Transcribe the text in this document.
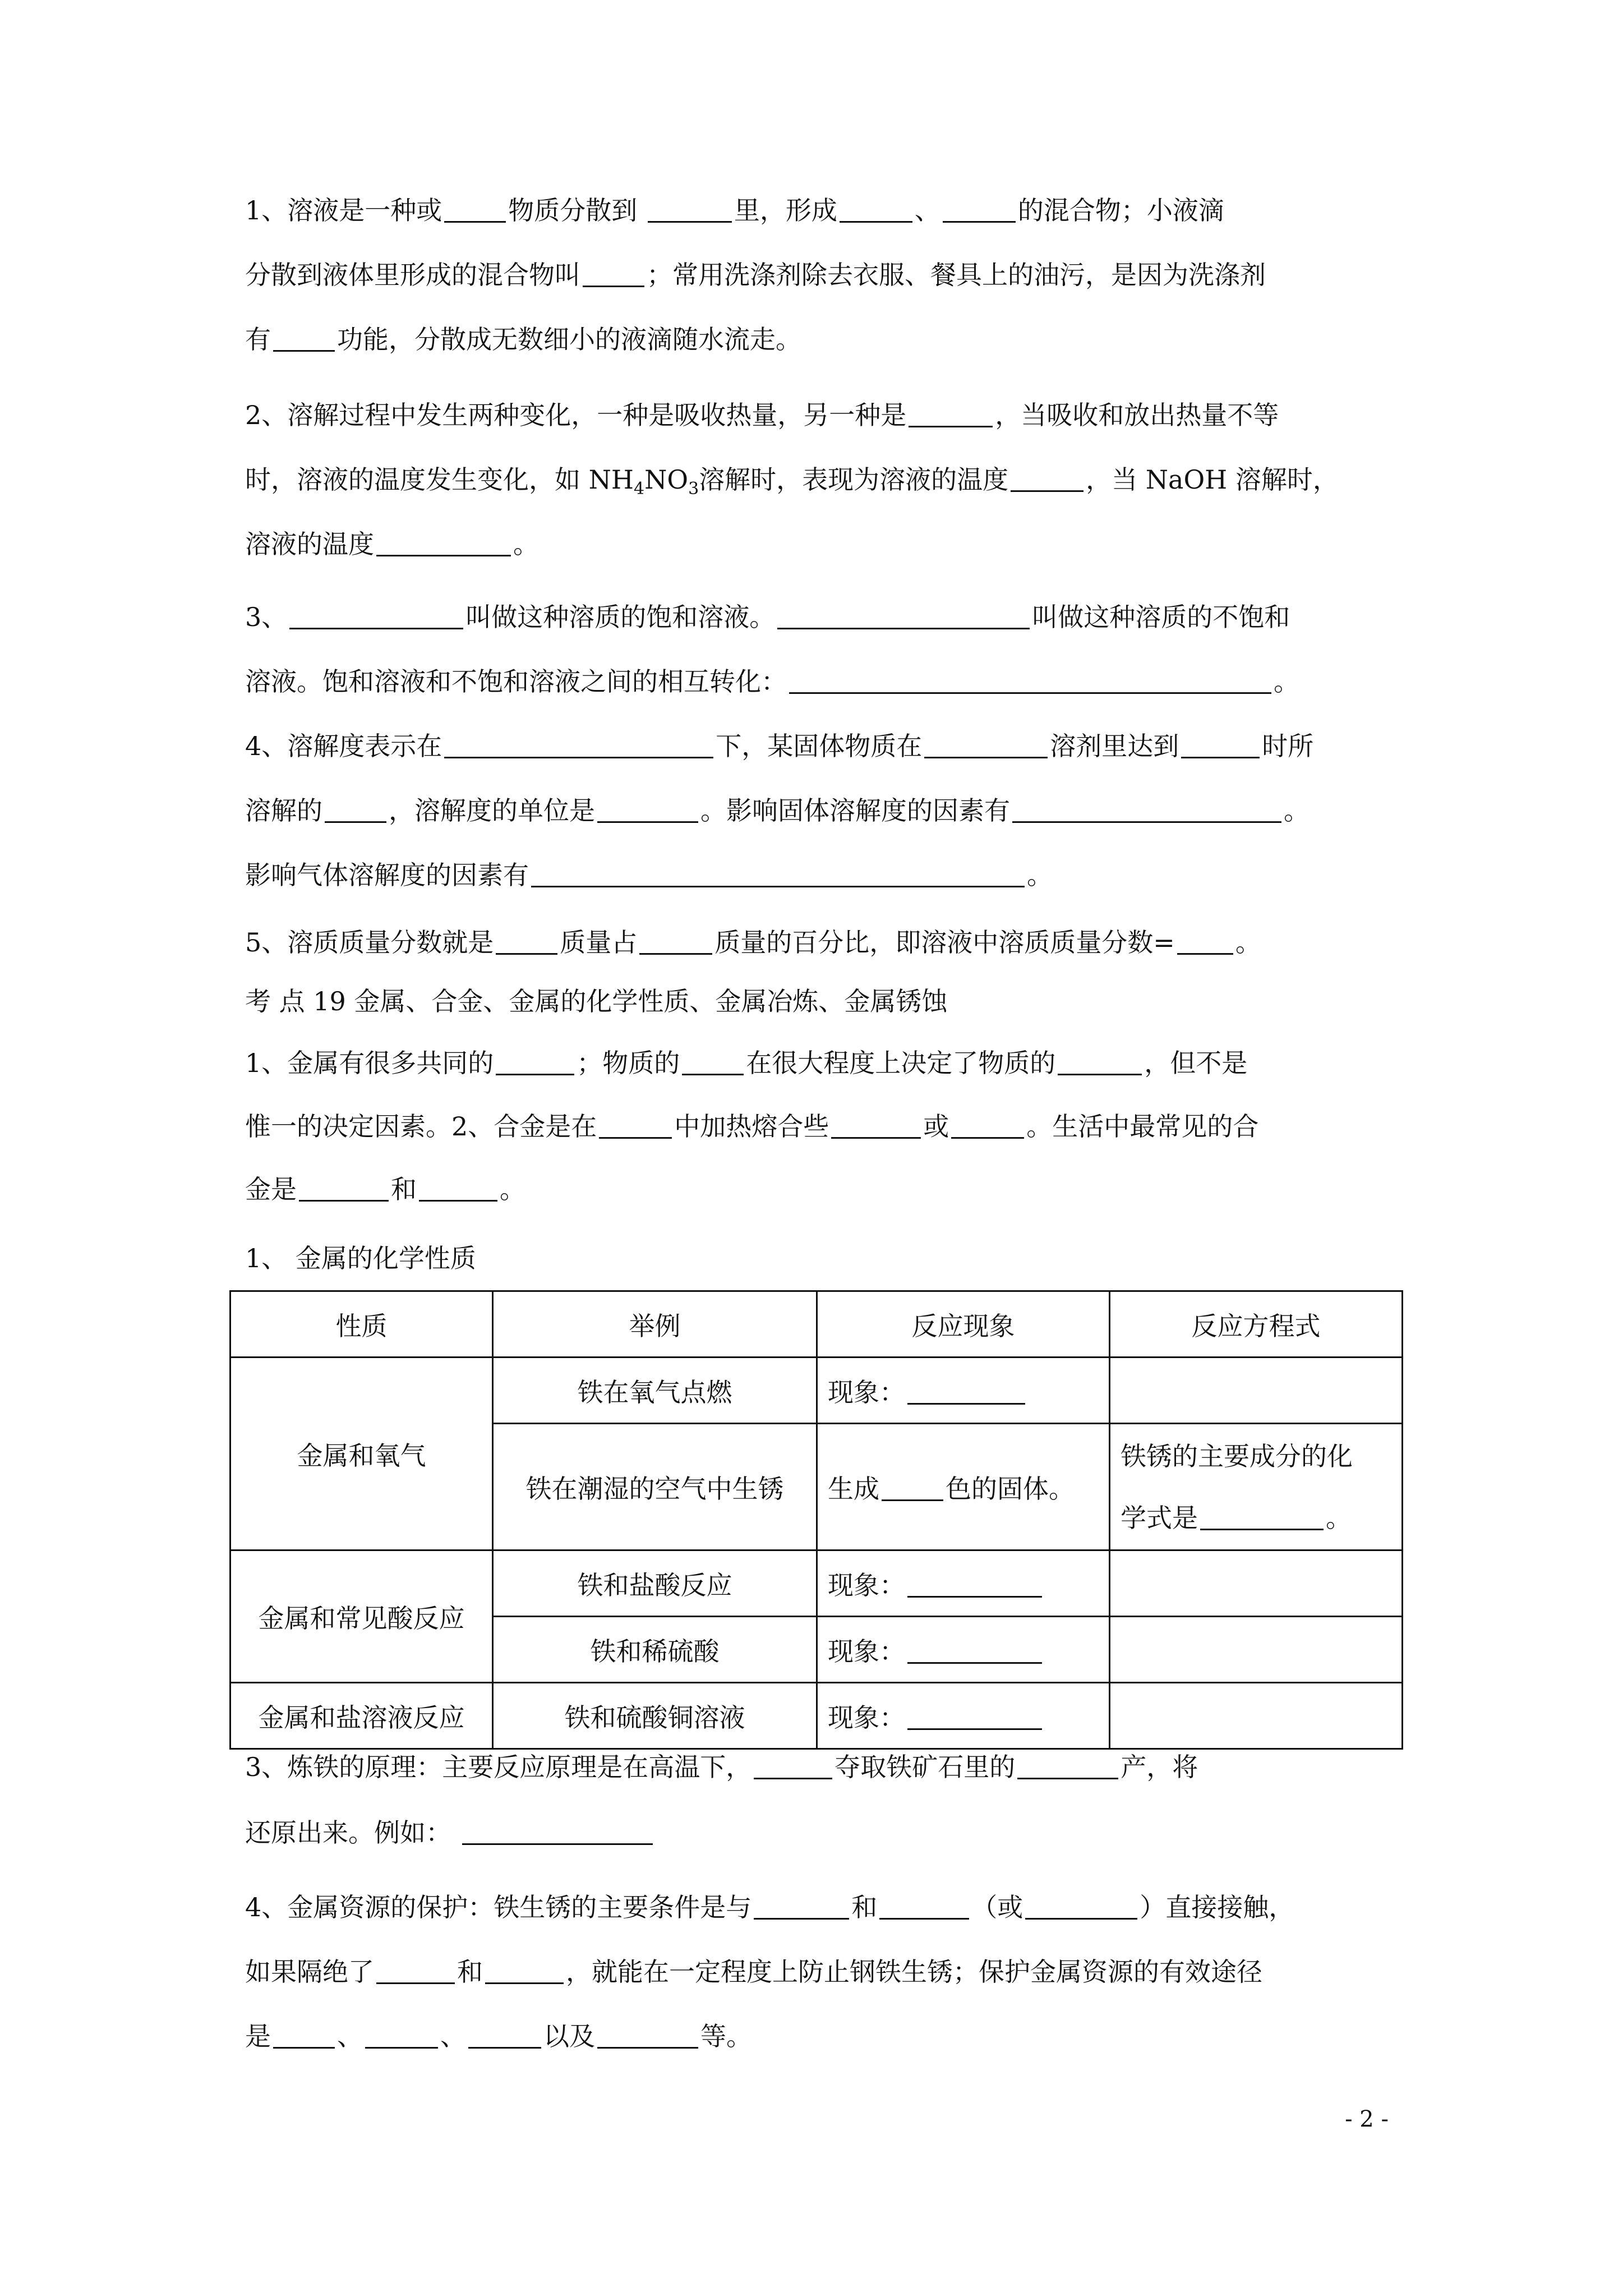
1、溶液是一种或	物质分散到	里，形成	、	的混合物；小液滴
分散到液体里形成的混合物叫	；常用洗涤剂除去衣服、餐具上的油污，是因为洗涤剂
有	功能，分散成无数细小的液滴随水流走。
2、溶解过程中发生两种变化，一种是吸收热量，另一种是	，当吸收和放出热量不等
时，溶液的温度发生变化，如 $NH_4NO_3$溶解时，表现为溶液的温度	，当 NaOH 溶解时，
溶液的温度	。
3、	叫做这种溶质的饱和溶液。	叫做这种溶质的不饱和
溶液。饱和溶液和不饱和溶液之间的相互转化：	。
4、溶解度表示在	下，某固体物质在	溶剂里达到	时所
溶解的	，溶解度的单位是	。影响固体溶解度的因素有	。
影响气体溶解度的因素有	。
5、溶质质量分数就是	质量占	质量的百分比，即溶液中溶质质量分数= 。
考 点 19 金属、合金、金属的化学性质、金属冶炼、金属锈蚀
1、金属有很多共同的	；物质的	在很大程度上决定了物质的	，但不是
惟一的决定因素。2、合金是在	中加热熔合些	或	。生活中最常见的合
金是	和	。
1、 金属的化学性质
性质	举例	反应现象	反应方程式
金属和氧气	铁在氧气点燃	现象：	
	铁在潮湿的空气中生锈	生成 色的固体。	铁锈的主要成分的化
学式是 。
金属和常见酸反应	铁和盐酸反应	现象：	
	铁和稀硫酸	现象：	
金属和盐溶液反应	铁和硫酸铜溶液	现象：	
3、炼铁的原理：主要反应原理是在高温下，	夺取铁矿石里的	产，将
还原出来。例如：
4、金属资源的保护：铁生锈的主要条件是与	和	（或	）直接接触，
如果隔绝了	和	，就能在一定程度上防止钢铁生锈；保护金属资源的有效途径
是	、	、	以及	等。
- 2 -
